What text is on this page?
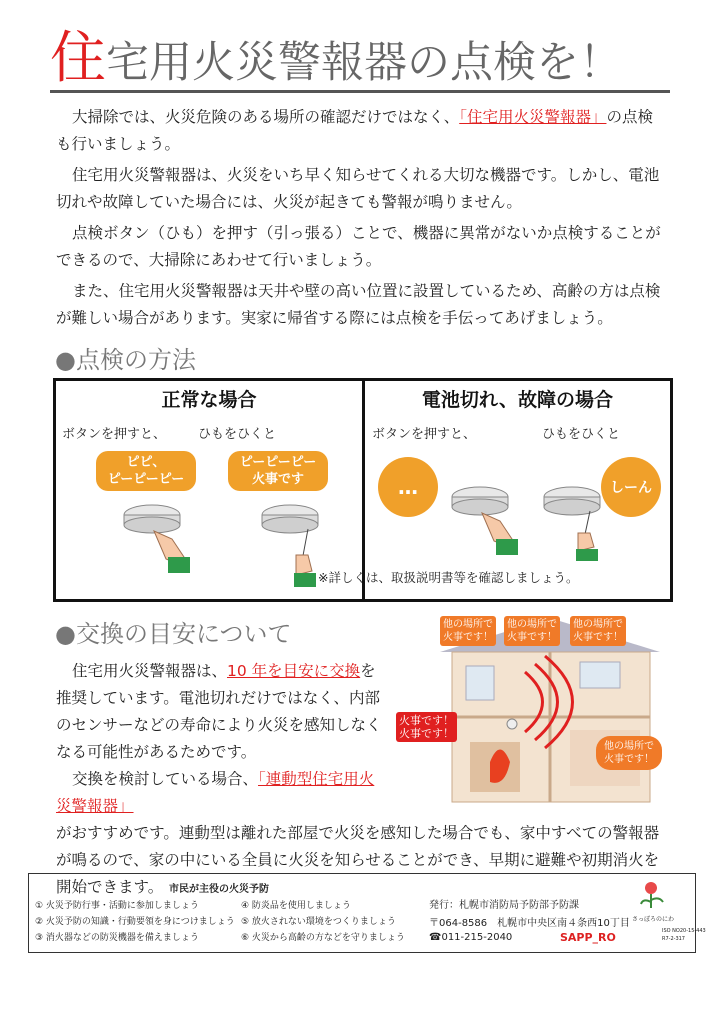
住宅用火災警報器の点検を！
大掃除では、火災危険のある場所の確認だけではなく、「住宅用火災警報器」の点検も行いましょう。
住宅用火災警報器は、火災をいち早く知らせてくれる大切な機器です。しかし、電池切れや故障していた場合には、火災が起きても警報が鳴りません。
点検ボタン（ひも）を押す（引っ張る）ことで、機器に異常がないか点検することができるので、大掃除にあわせて行いましょう。
また、住宅用火災警報器は天井や壁の高い位置に設置しているため、高齢の方は点検が難しい場合があります。実家に帰省する際には点検を手伝ってあげましょう。
●点検の方法
正常な場合
ボタンを押すと、 ひもをひくと
ピピ、
ピーピーピー
ピーピーピー
火事です
電池切れ、故障の場合
ボタンを押すと、	ひもをひくと
…	しーん
※詳しくは、取扱説明書等を確認しましょう。
●交換の目安について
住宅用火災警報器は、10 年を目安に交換を推奨しています。電池切れだけではなく、内部のセンサーなどの寿命により火災を感知しなくなる可能性があるためです。
交換を検討している場合、「連動型住宅用火災警報器」
がおすすめです。連動型は離れた部屋で火災を感知した場合でも、家中すべての警報器が鳴るので、家の中にいる全員に火災を知らせることができ、早期に避難や初期消火を開始できます。
他の場所で
火事です！
他の場所で
火事です！
他の場所で
火事です！
火事です！
火事です！
他の場所で
火事です！
市民が主役の火災予防
① 火災予防行事・活動に参加しましょう
② 火災予防の知識・行動要領を身につけましょう
③ 消火器などの防災機器を備えましょう
④ 防炎品を使用しましょう
⑤ 放火されない環境をつくりましょう
⑥ 火災から高齢の方などを守りましょう
発行：札幌市消防局予防部予防課
〒064-8586　札幌市中央区南４条西10丁目
☎011-215-2040	SAPP_RO
さっぽろのにわ
ISO NO20-15-443
R7-2-317
